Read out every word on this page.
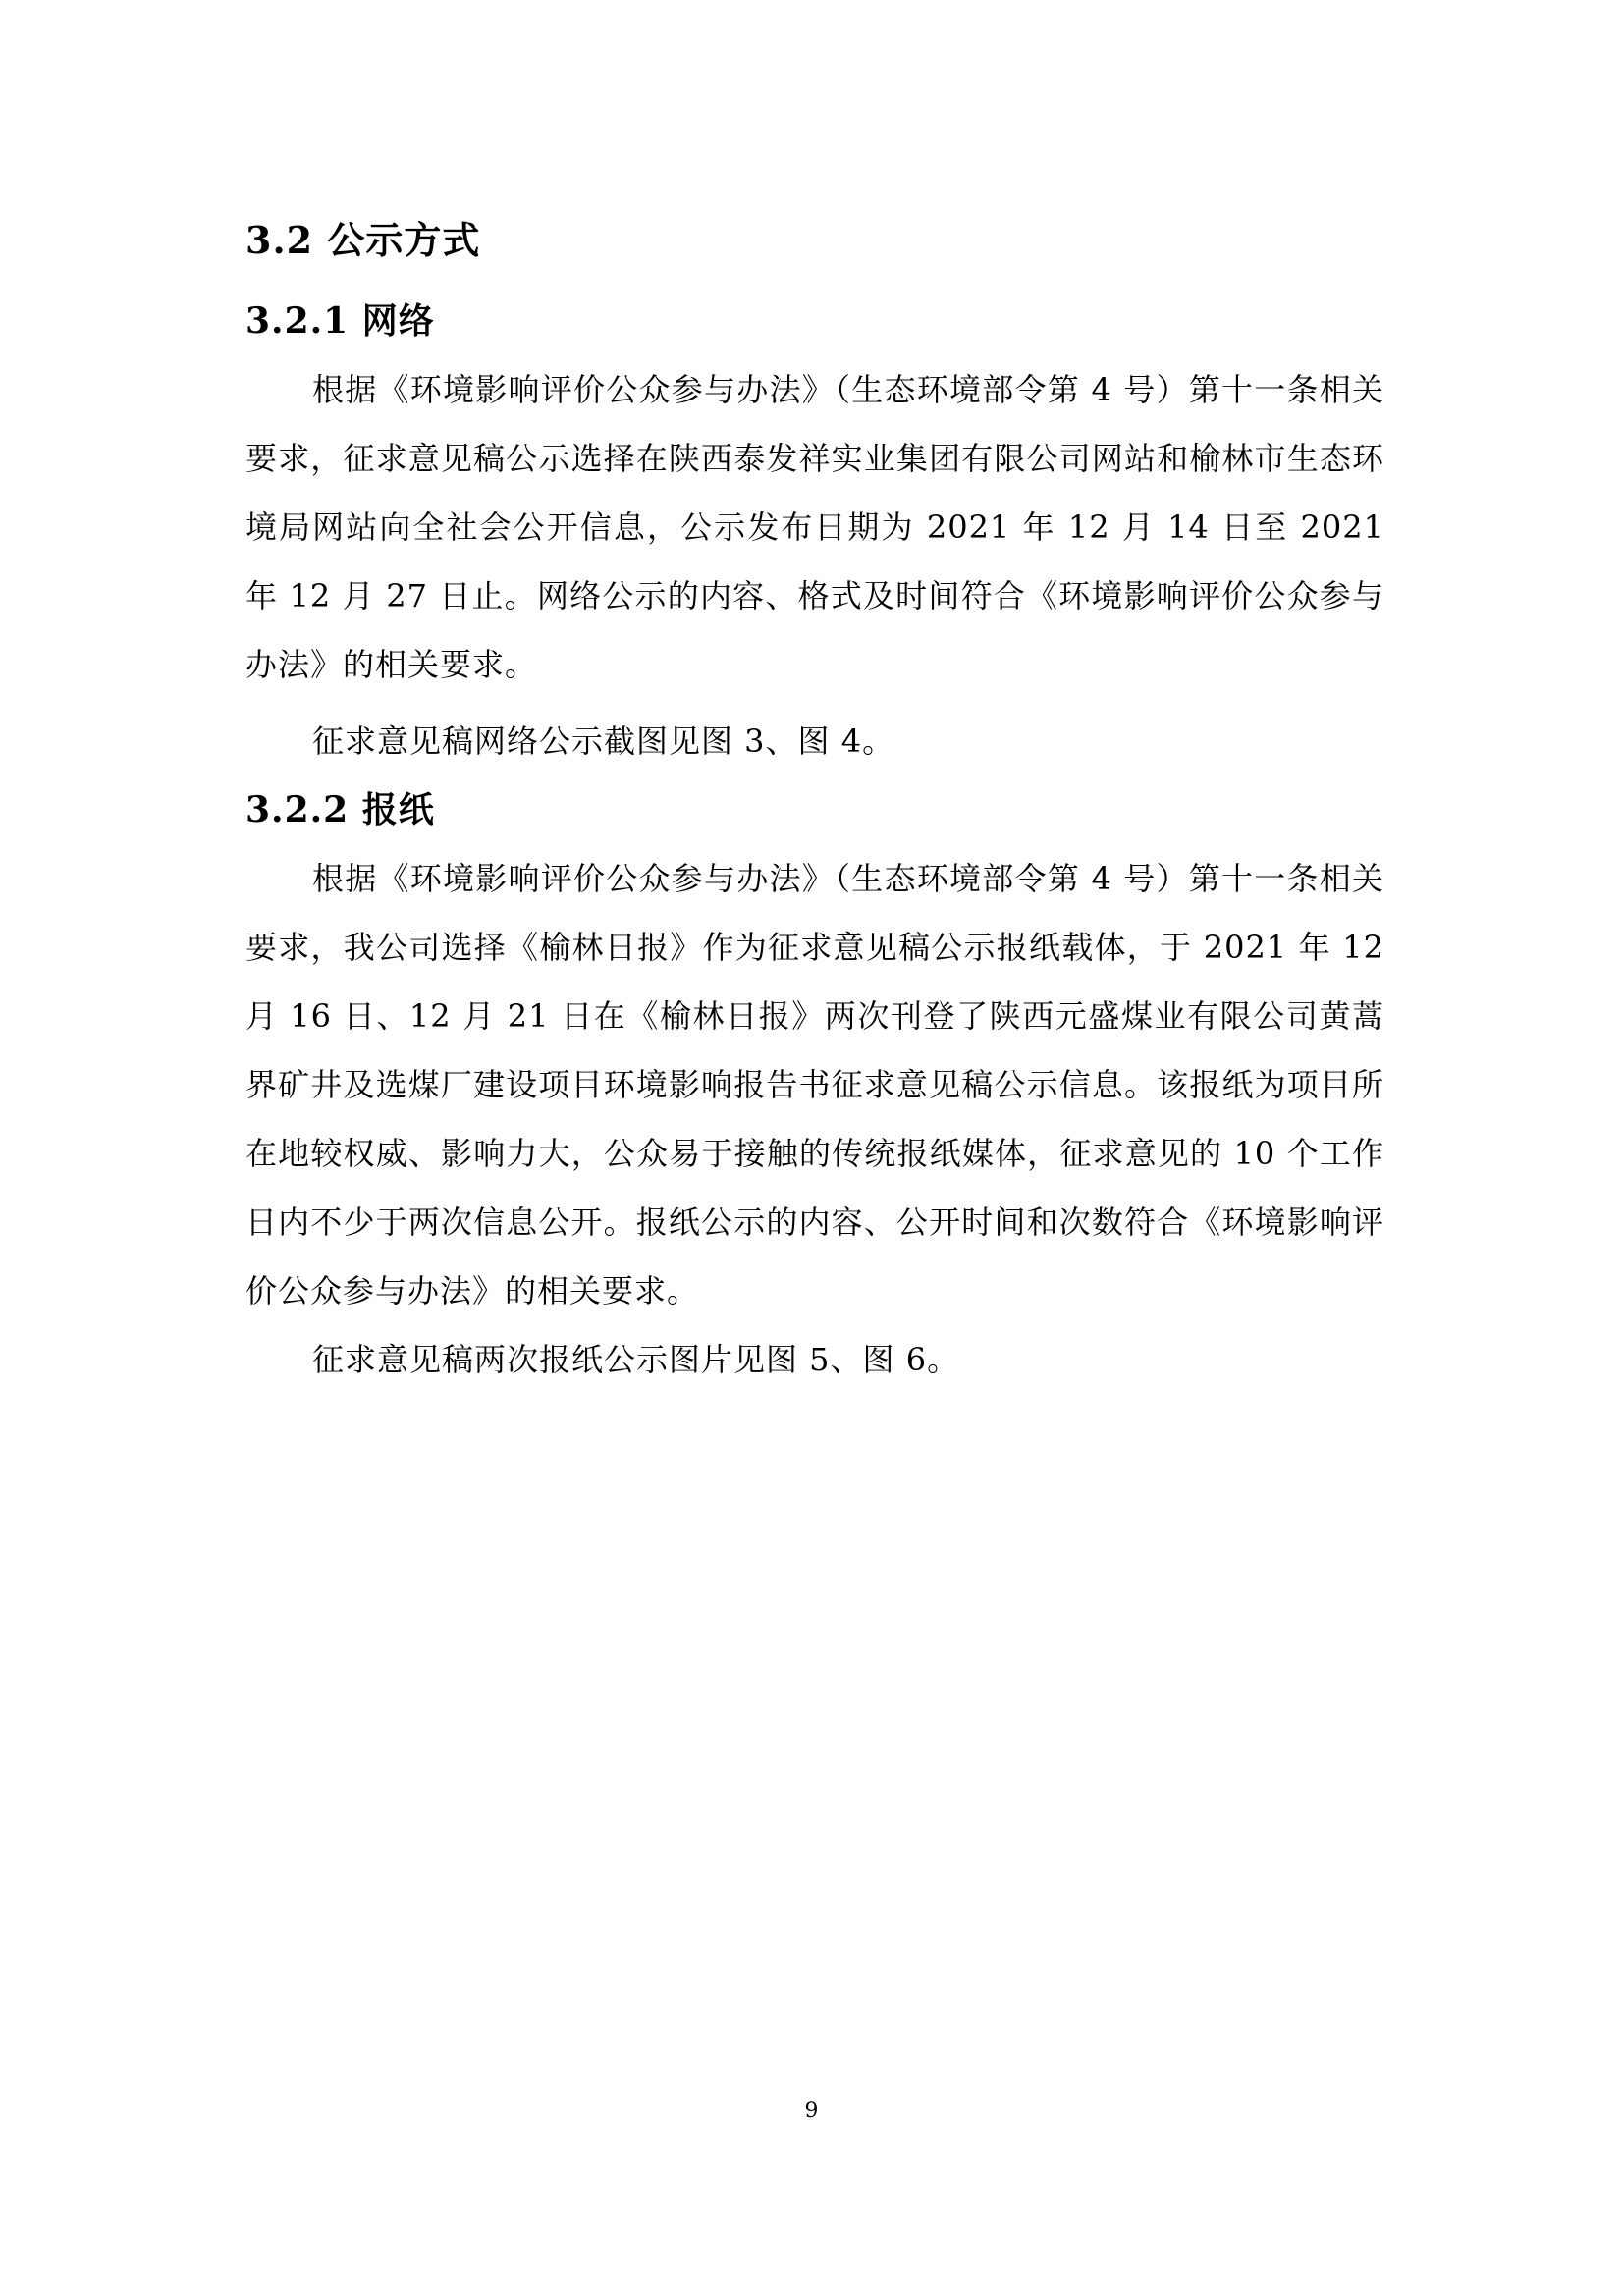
3.2 公示方式
3.2.1 网络

根据《环境影响评价公众参与办法》（生态环境部令第 4 号）第十一条相关要求，征求意见稿公示选择在陕西泰发祥实业集团有限公司网站和榆林市生态环境局网站向全社会公开信息，公示发布日期为 2021 年 12 月 14 日至 2021 年 12 月 27 日止。网络公示的内容、格式及时间符合《环境影响评价公众参与办法》的相关要求。

征求意见稿网络公示截图见图 3、图 4。

3.2.2 报纸

根据《环境影响评价公众参与办法》（生态环境部令第 4 号）第十一条相关要求，我公司选择《榆林日报》作为征求意见稿公示报纸载体，于 2021 年 12 月 16 日、12 月 21 日在《榆林日报》两次刊登了陕西元盛煤业有限公司黄蒿界矿井及选煤厂建设项目环境影响报告书征求意见稿公示信息。该报纸为项目所在地较权威、影响力大，公众易于接触的传统报纸媒体，征求意见的 10 个工作日内不少于两次信息公开。报纸公示的内容、公开时间和次数符合《环境影响评价公众参与办法》的相关要求。

征求意见稿两次报纸公示图片见图 5、图 6。

9
